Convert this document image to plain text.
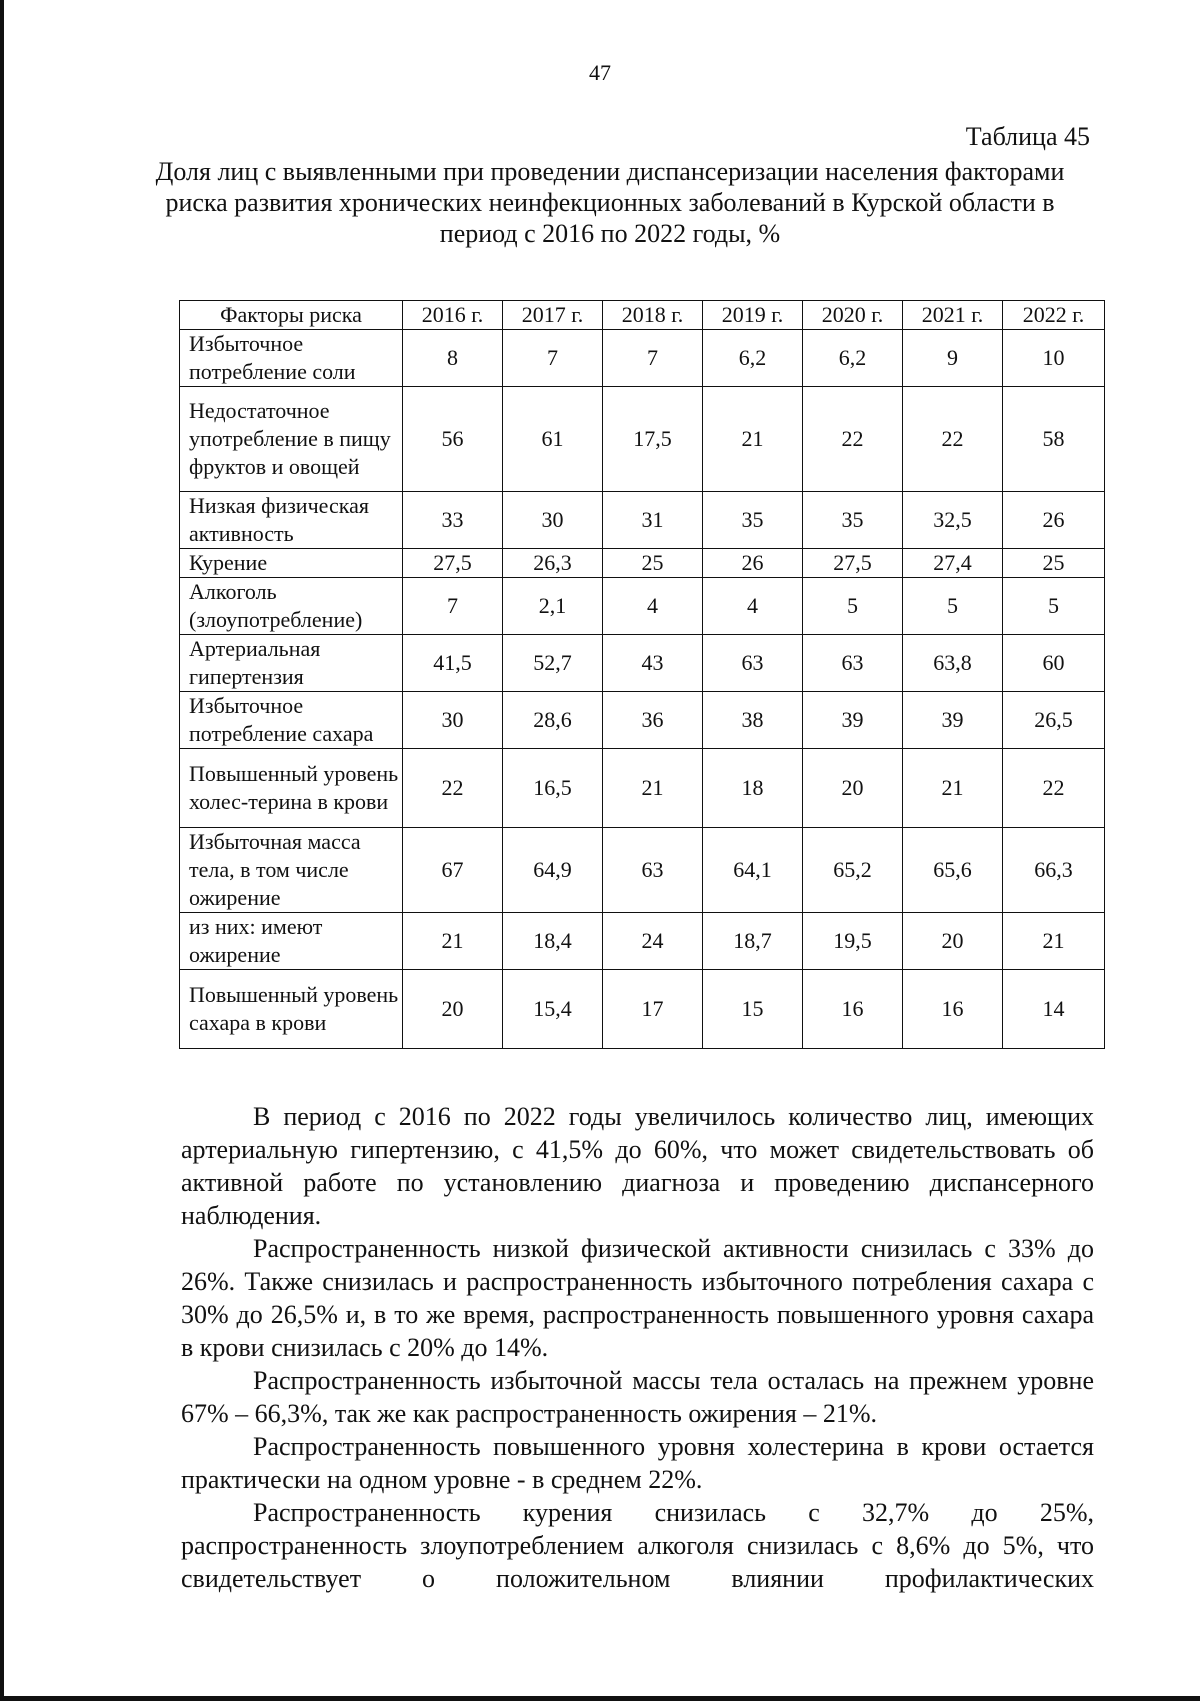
47
Таблица 45
Доля лиц с выявленными при проведении диспансеризации населения факторами риска развития хронических неинфекционных заболеваний в Курской области в период с 2016 по 2022 годы, %
Факторы риска	2016 г.	2017 г.	2018 г.	2019 г.	2020 г.	2021 г.	2022 г.
Избыточное потребление соли	8	7	7	6,2	6,2	9	10
Недостаточное употребление в пищу фруктов и овощей	56	61	17,5	21	22	22	58
Низкая физическая активность	33	30	31	35	35	32,5	26
Курение	27,5	26,3	25	26	27,5	27,4	25
Алкоголь (злоупотребление)	7	2,1	4	4	5	5	5
Артериальная гипертензия	41,5	52,7	43	63	63	63,8	60
Избыточное потребление сахара	30	28,6	36	38	39	39	26,5
Повышенный уровень холес-терина в крови	22	16,5	21	18	20	21	22
Избыточная масса тела, в том числе ожирение	67	64,9	63	64,1	65,2	65,6	66,3
из них: имеют ожирение	21	18,4	24	18,7	19,5	20	21
Повышенный уровень сахара в крови	20	15,4	17	15	16	16	14

В период с 2016 по 2022 годы увеличилось количество лиц, имеющих артериальную гипертензию, с 41,5% до 60%, что может свидетельствовать об активной работе по установлению диагноза и проведению диспансерного наблюдения.

Распространенность низкой физической активности снизилась с 33% до 26%. Также снизилась и распространенность избыточного потребления сахара с 30% до 26,5% и, в то же время, распространенность повышенного уровня сахара в крови снизилась с 20% до 14%.

Распространенность избыточной массы тела осталась на прежнем уровне 67% – 66,3%, так же как распространенность ожирения – 21%.

Распространенность повышенного уровня холестерина в крови остается практически на одном уровне - в среднем 22%.

Распространенность курения снизилась с 32,7% до 25%, распространенность злоупотреблением алкоголя снизилась с 8,6% до 5%, что свидетельствует о положительном влиянии профилактических
